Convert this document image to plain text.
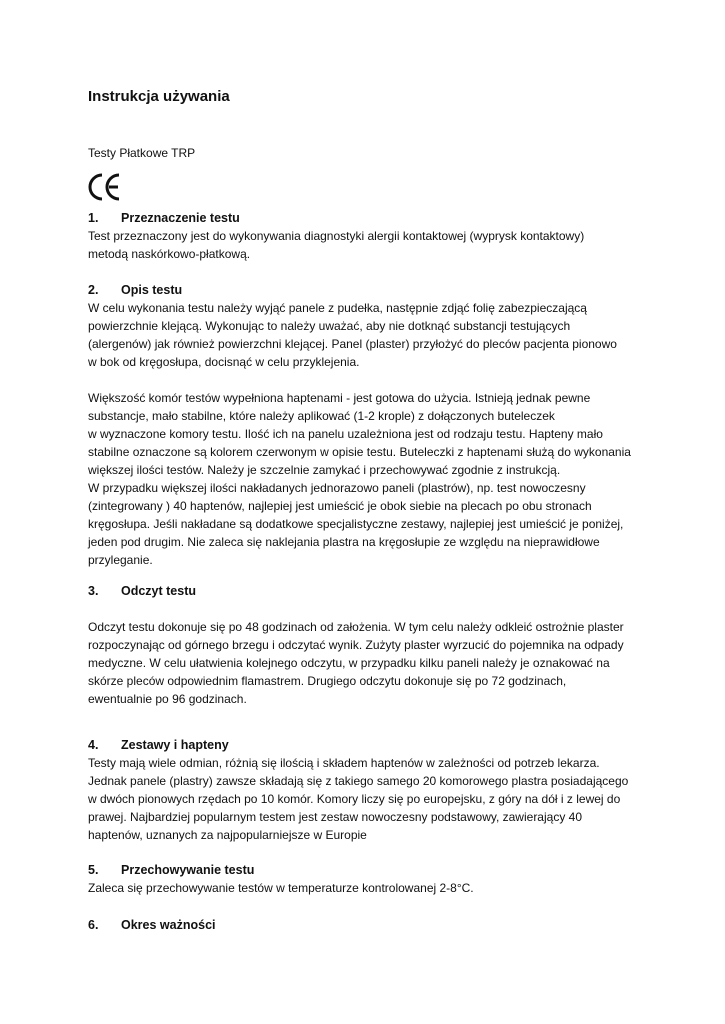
Instrukcja używania

Testy Płatkowe TRP

1.	Przeznaczenie testu

Test przeznaczony jest do wykonywania diagnostyki alergii kontaktowej (wyprysk kontaktowy)
metodą naskórkowo-płatkową.

2.	Opis testu

W celu wykonania testu należy wyjąć panele z pudełka, następnie zdjąć folię zabezpieczającą
powierzchnie klejącą. Wykonując to należy uważać, aby nie dotknąć substancji testujących
(alergenów) jak również powierzchni klejącej. Panel (plaster) przyłożyć do pleców pacjenta pionowo
w bok od kręgosłupa, docisnąć w celu przyklejenia.

Większość komór testów wypełniona haptenami - jest gotowa do użycia. Istnieją jednak pewne
substancje, mało stabilne, które należy aplikować (1-2 krople) z dołączonych buteleczek
w wyznaczone komory testu. Ilość ich na panelu uzależniona jest od rodzaju testu. Hapteny mało
stabilne oznaczone są kolorem czerwonym w opisie testu. Buteleczki z haptenami służą do wykonania
większej ilości testów. Należy je szczelnie zamykać i przechowywać zgodnie z instrukcją.
W przypadku większej ilości nakładanych jednorazowo paneli (plastrów), np. test nowoczesny
(zintegrowany ) 40 haptenów, najlepiej jest umieścić je obok siebie na plecach po obu stronach
kręgosłupa. Jeśli nakładane są dodatkowe specjalistyczne zestawy, najlepiej jest umieścić je poniżej,
jeden pod drugim. Nie zaleca się naklejania plastra na kręgosłupie ze względu na nieprawidłowe
przyleganie.

3.	Odczyt testu

Odczyt testu dokonuje się po 48 godzinach od założenia. W tym celu należy odkleić ostrożnie plaster
rozpoczynając od górnego brzegu i odczytać wynik. Zużyty plaster wyrzucić do pojemnika na odpady
medyczne. W celu ułatwienia kolejnego odczytu, w przypadku kilku paneli należy je oznakować na
skórze pleców odpowiednim flamastrem. Drugiego odczytu dokonuje się po 72 godzinach,
ewentualnie po 96 godzinach.

4.	Zestawy i hapteny

Testy mają wiele odmian, różnią się ilością i składem haptenów w zależności od potrzeb lekarza.
Jednak panele (plastry) zawsze składają się z takiego samego 20 komorowego plastra posiadającego
w dwóch pionowych rzędach po 10 komór. Komory liczy się po europejsku, z góry na dół i z lewej do
prawej. Najbardziej popularnym testem jest zestaw nowoczesny podstawowy, zawierający 40
haptenów, uznanych za najpopularniejsze w Europie

5.	Przechowywanie testu

Zaleca się przechowywanie testów w temperaturze kontrolowanej 2-8°C.

6.	Okres ważności
